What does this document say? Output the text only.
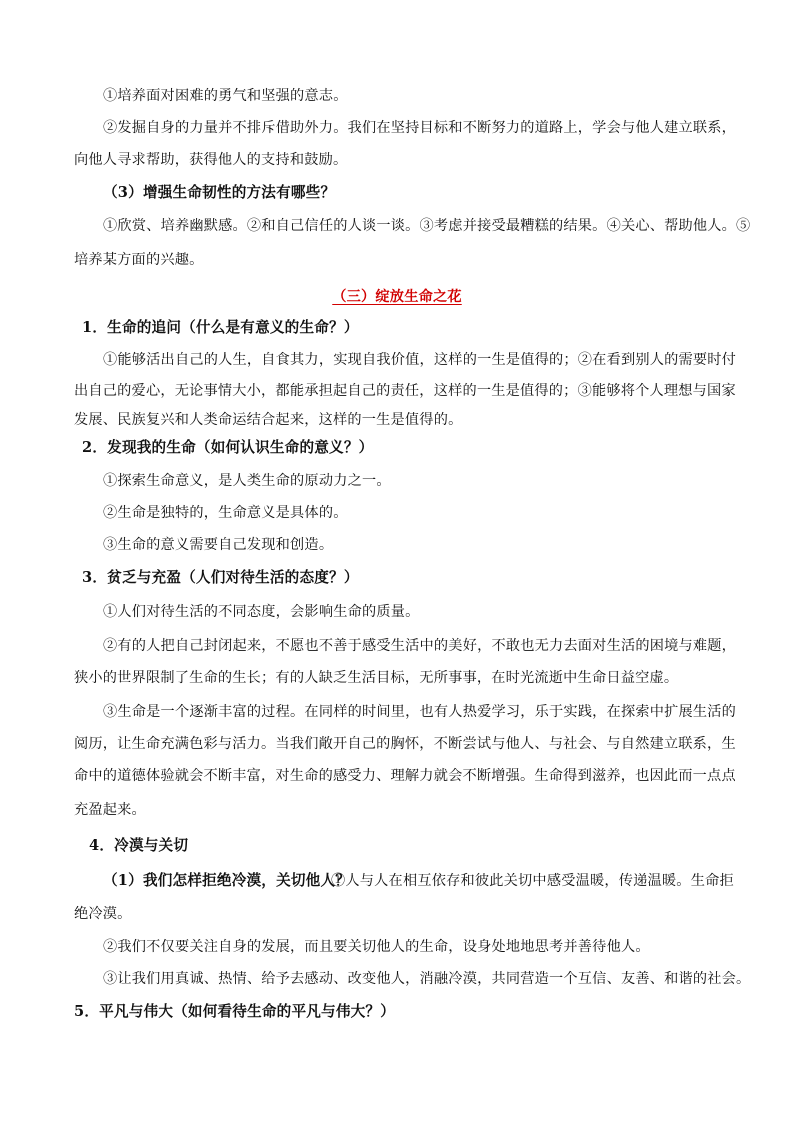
①培养面对困难的勇气和坚强的意志。
②发掘自身的力量并不排斥借助外力。我们在坚持目标和不断努力的道路上，学会与他人建立联系，
向他人寻求帮助，获得他人的支持和鼓励。
（3）增强生命韧性的方法有哪些？
①欣赏、培养幽默感。②和自己信任的人谈一谈。③考虑并接受最糟糕的结果。④关心、帮助他人。⑤
培养某方面的兴趣。
（三）绽放生命之花
1．生命的追问（什么是有意义的生命？）
①能够活出自己的人生，自食其力，实现自我价值，这样的一生是值得的；②在看到别人的需要时付
出自己的爱心，无论事情大小，都能承担起自己的责任，这样的一生是值得的；③能够将个人理想与国家
发展、民族复兴和人类命运结合起来，这样的一生是值得的。
2．发现我的生命（如何认识生命的意义？）
①探索生命意义，是人类生命的原动力之一。
②生命是独特的，生命意义是具体的。
③生命的意义需要自己发现和创造。
3．贫乏与充盈（人们对待生活的态度？）
①人们对待生活的不同态度，会影响生命的质量。
②有的人把自己封闭起来，不愿也不善于感受生活中的美好，不敢也无力去面对生活的困境与难题，
狭小的世界限制了生命的生长；有的人缺乏生活目标，无所事事，在时光流逝中生命日益空虚。
③生命是一个逐渐丰富的过程。在同样的时间里，也有人热爱学习，乐于实践，在探索中扩展生活的
阅历，让生命充满色彩与活力。当我们敞开自己的胸怀，不断尝试与他人、与社会、与自然建立联系，生
命中的道德体验就会不断丰富，对生命的感受力、理解力就会不断增强。生命得到滋养，也因此而一点点
充盈起来。
4．冷漠与关切
（1）我们怎样拒绝冷漠，关切他人？
①人与人在相互依存和彼此关切中感受温暖，传递温暖。生命拒
绝冷漠。
②我们不仅要关注自身的发展，而且要关切他人的生命，设身处地地思考并善待他人。
③让我们用真诚、热情、给予去感动、改变他人，消融冷漠，共同营造一个互信、友善、和谐的社会。
5．平凡与伟大（如何看待生命的平凡与伟大？）
